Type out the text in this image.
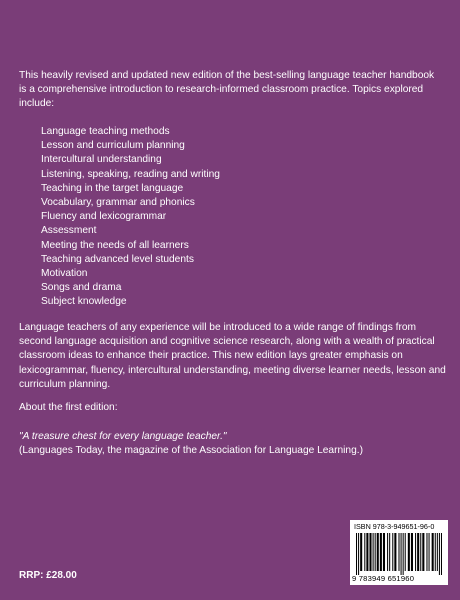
This heavily revised and updated new edition of the best-selling language teacher handbook is a comprehensive introduction to research-informed classroom practice. Topics explored include:
Language teaching methods
Lesson and curriculum planning
Intercultural understanding
Listening, speaking, reading and writing
Teaching in the target language
Vocabulary, grammar and phonics
Fluency and lexicogrammar
Assessment
Meeting the needs of all learners
Teaching advanced level students
Motivation
Songs and drama
Subject knowledge
Language teachers of any experience will be introduced to a wide range of findings from second language acquisition and cognitive science research, along with a wealth of practical classroom ideas to enhance their practice. This new edition lays greater emphasis on lexicogrammar, fluency, intercultural understanding, meeting diverse learner needs, lesson and curriculum planning.
About the first edition:
"A treasure chest for every language teacher."
(Languages Today, the magazine of the Association for Language Learning.)
RRP: £28.00
ISBN 978-3-949651-96-0
9 783949 651960
